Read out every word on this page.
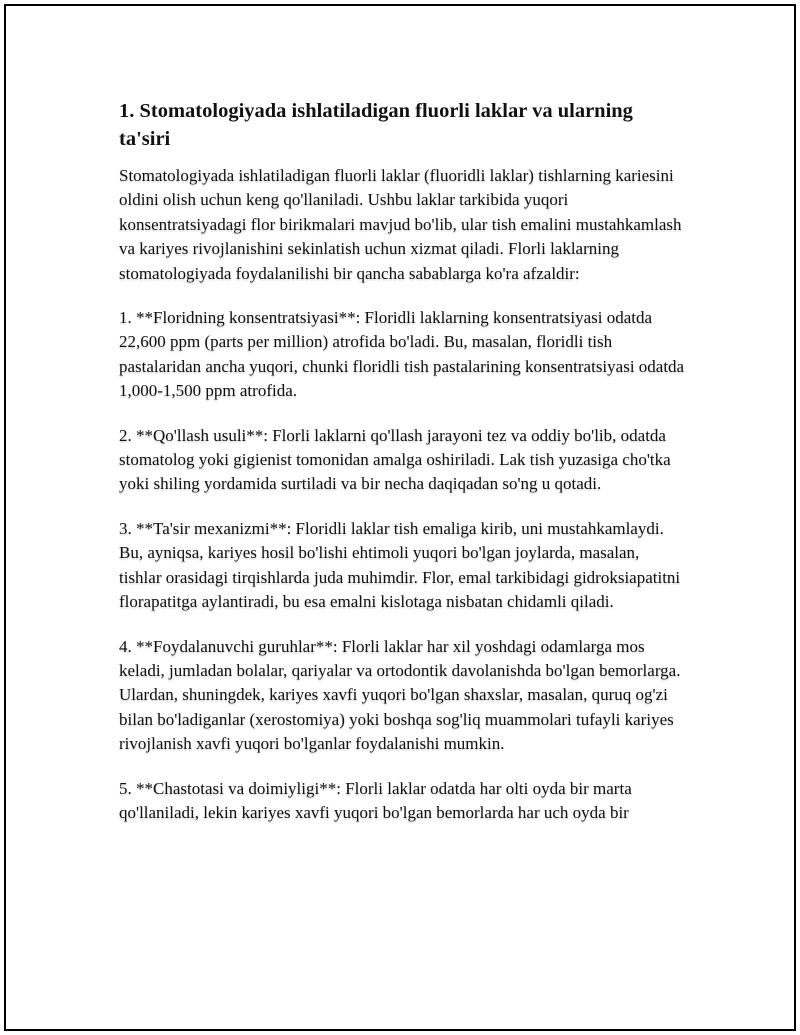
1. Stomatologiyada ishlatiladigan fluorli laklar va ularning ta'siri

Stomatologiyada ishlatiladigan fluorli laklar (fluoridli laklar) tishlarning kariesini oldini olish uchun keng qo'llaniladi. Ushbu laklar tarkibida yuqori konsentratsiyadagi flor birikmalari mavjud bo'lib, ular tish emalini mustahkamlash va kariyes rivojlanishini sekinlatish uchun xizmat qiladi. Florli laklarning stomatologiyada foydalanilishi bir qancha sabablarga ko'ra afzaldir:

1. **Floridning konsentratsiyasi**: Floridli laklarning konsentratsiyasi odatda 22,600 ppm (parts per million) atrofida bo'ladi. Bu, masalan, floridli tish pastalaridan ancha yuqori, chunki floridli tish pastalarining konsentratsiyasi odatda 1,000-1,500 ppm atrofida.

2. **Qo'llash usuli**: Florli laklarni qo'llash jarayoni tez va oddiy bo'lib, odatda stomatolog yoki gigienist tomonidan amalga oshiriladi. Lak tish yuzasiga cho'tka yoki shiling yordamida surtiladi va bir necha daqiqadan so'ng u qotadi.

3. **Ta'sir mexanizmi**: Floridli laklar tish emaliga kirib, uni mustahkamlaydi. Bu, ayniqsa, kariyes hosil bo'lishi ehtimoli yuqori bo'lgan joylarda, masalan, tishlar orasidagi tirqishlarda juda muhimdir. Flor, emal tarkibidagi gidroksiapatitni florapatitga aylantiradi, bu esa emalni kislotaga nisbatan chidamli qiladi.

4. **Foydalanuvchi guruhlar**: Florli laklar har xil yoshdagi odamlarga mos keladi, jumladan bolalar, qariyalar va ortodontik davolanishda bo'lgan bemorlarga. Ulardan, shuningdek, kariyes xavfi yuqori bo'lgan shaxslar, masalan, quruq og'zi bilan bo'ladiganlar (xerostomiya) yoki boshqa sog'liq muammolari tufayli kariyes rivojlanish xavfi yuqori bo'lganlar foydalanishi mumkin.

5. **Chastotasi va doimiyligi**: Florli laklar odatda har olti oyda bir marta qo'llaniladi, lekin kariyes xavfi yuqori bo'lgan bemorlarda har uch oyda bir
